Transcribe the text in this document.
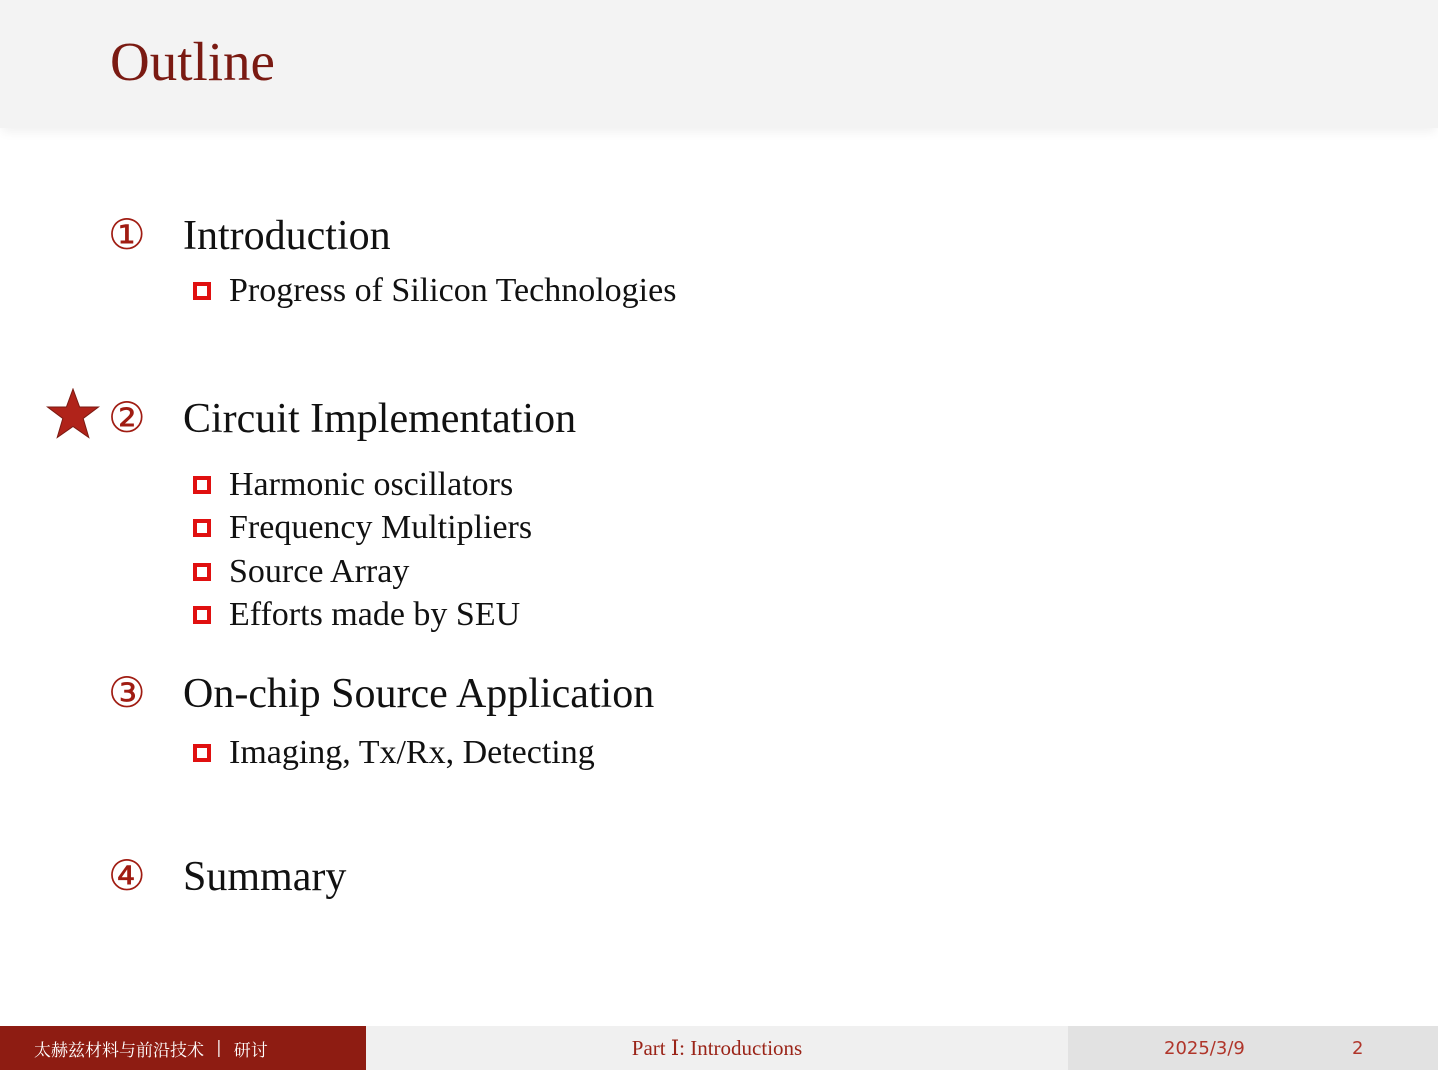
Outline
① Introduction
Progress of Silicon Technologies
② Circuit Implementation
Harmonic oscillators
Frequency Multipliers
Source Array
Efforts made by SEU
③ On-chip Source Application
Imaging, Tx/Rx, Detecting
④ Summary
太赫兹材料与前沿技术 | 研讨	Part Ⅰ: Introductions	2025/3/9	2
